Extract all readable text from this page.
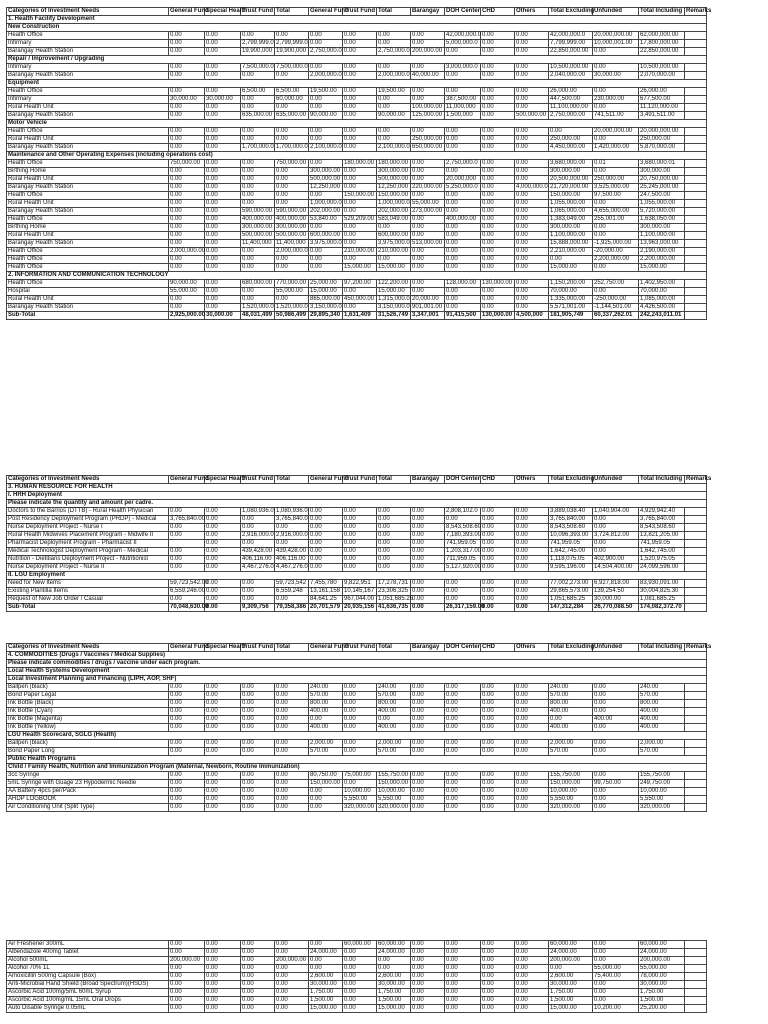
Categories of Investment Needs	General Fund	Special Health	Trust Fund	Total	General Fund	Trust Fund	Total	Barangay	DOH Center	CHD	Others	Total Excluding	Unfunded	Total Including	Remarks
1. Health Facility Development															
New Construction															
Health Office	0.00	0.00	0.00	0.00	0.00	0.00	0.00	0.00	42,000,000.0	0.00	0.00	42,000,000.0	20,000,000.00	62,000,000.00	
Infirmary	0.00	0.00	2,799,999.0	2,799,999.0	0.00	0.00	0.00	0.00	5,000,000.0	0.00	0.00	7,799,999.00	10,000,001.00	17,800,000.00	
Barangay Health Station	0.00	0.00	19,900,000	19,900,000	2,750,000.0	0.00	2,750,000.0	200,000.00	0.00	0.00	0.00	22,850,000.00	0.00	22,850,000.00	
Repair / Improvement / Upgrading															
Infirmary	0.00	0.00	7,500,000.0	7,500,000.0	0.00	0.00	0.00	0.00	3,000,000.0	0.00	0.00	10,500,000.00	0.00	10,500,000.00	
Barangay Health Station	0.00	0.00	0.00	0.00	2,000,000.0	0.00	2,000,000.0	40,000.00	0.00	0.00	0.00	2,040,000.00	30,000.00	2,070,000.00	
Equipment															
Health Office	0.00	0.00	6,500.00	6,500.00	19,500.00	0.00	19,500.00	0.00	0.00	0.00	0.00	26,000.00	0.00	26,000.00	
Infirmary	30,000.00	30,000.00	0.00	60,000.00	0.00	0.00	0.00	0.00	387,500.00	0.00	0.00	447,500.00	230,000.00	677,500.00	
Rural Health Unit	0.00	0.00	0.00	0.00	0.00	0.00	0.00	100,000.00	11,000,000	0.00	0.00	11,100,000.00	0.00	11,120,000.00	
Barangay Health Station	0.00	0.00	635,000.00	635,000.00	90,000.00	0.00	90,000.00	125,000.00	1,500,000	0.00	500,000.00	2,750,000.00	741,511.00	3,491,511.00	
Motor Vehicle															
Health Office	0.00	0.00	0.00	0.00	0.00	0.00	0.00	0.00	0.00	0.00	0.00	0.00	20,000,000.00	20,000,000.00	
Rural Health Unit	0.00	0.00	0.00	0.00	0.00	0.00	0.00	250,000.00	0.00	0.00	0.00	250,000.00	0.00	250,000.00	
Barangay Health Station	0.00	0.00	1,700,000.0	1,700,000.0	2,100,000.0	0.00	2,100,000.0	650,000.00	0.00	0.00	0.00	4,450,000.00	1,420,000.00	5,870,000.00	
Maintenance and Other Operating Expenses (including operations cost)															
Health Office	750,000.00	0.00	0.00	750,000.00	0.00	180,000.00	180,000.00	0.00	2,750,000.0	0.00	0.00	3,680,000.00	0.01	3,680,000.01	
Birthing Home	0.00	0.00	0.00	0.00	300,000.00	0.00	300,000.00	0.00	0.00	0.00	0.00	300,000.00	0.00	300,000.00	
Rural Health Unit	0.00	0.00	0.00	0.00	500,000.00	0.00	500,000.00	0.00	20,000,000	0.00	0.00	20,500,000.00	250,000.00	20,750,000.00	
Barangay Health Station	0.00	0.00	0.00	0.00	12,250,000	0.00	12,250,000	220,000.00	5,250,000.0	0.00	4,000,000.0	21,720,000.00	3,525,000.00	25,245,000.00	
Health Office	0.00	0.00	0.00	0.00	0.00	150,000.00	150,000.00	0.00	0.00	0.00	0.00	150,000.00	97,500.00	247,500.00	
Rural Health Unit	0.00	0.00	0.00	0.00	1,000,000.0	0.00	1,000,000.0	55,000.00	0.00	0.00	0.00	1,055,000.00	0.00	1,055,000.00	
Barangay Health Station	0.00	0.00	590,000.00	590,000.00	202,000.00	0.00	202,000.00	273,000.00	0.00	0.00	0.00	1,065,000.00	4,655,000.00	5,720,000.00	
Health Office	0.00	0.00	400,000.00	400,000.00	53,840.00	529,209.00	583,049.00	0.00	400,000.00	0.00	0.00	1,383,049.00	255,001.00	1,638,050.00	
Birthing Home	0.00	0.00	300,000.00	300,000.00	0.00	0.00	0.00	0.00	0.00	0.00	0.00	300,000.00	0.00	300,000.00	
Rural Health Unit	0.00	0.00	500,000.00	500,000.00	600,000.00	0.00	600,000.00	0.00	0.00	0.00	0.00	1,100,000.00	0.00	1,100,000.00	
Barangay Health Station	0.00	0.00	11,400,000	11,400,000	3,975,000.0	0.00	3,975,000.0	513,000.00	0.00	0.00	0.00	15,888,000.00	-1,925,000.00	13,963,000.00	
Health Office	2,000,000.00	0.00	0.00	2,000,000.0	0.00	210,000.00	210,000.00	0.00	0.00	0.00	0.00	2,210,000.00	-20,000.00	2,190,000.00	
Health Office	0.00	0.00	0.00	0.00	0.00	0.00	0.00	0.00	0.00	0.00	0.00	0.00	2,200,000.00	2,200,000.00	
Health Office	0.00	0.00	0.00	0.00	0.00	15,000.00	15,000.00	0.00	0.00	0.00	0.00	15,000.00	0.00	15,000.00	
2. INFORMATION AND COMMUNICATION TECHNOLOGY															
Health Office	90,000.00	0.00	680,000.00	770,000.00	25,000.00	97,200.00	122,200.00	0.00	128,000.00	130,000.00	0.00	1,150,200.00	252,750.00	1,402,950.00	
Hospital	55,000.00	0.00	0.00	55,000.00	15,000.00	0.00	15,000.00	0.00	0.00	0.00	0.00	70,000.00	0.00	70,000.00	
Rural Health Unit	0.00	0.00	0.00	0.00	865,000.00	450,000.00	1,315,000.0	20,000.00	0.00	0.00	0.00	1,335,000.00	-250,000.00	1,085,000.00	
Barangay Health Station	0.00	0.00	1,520,000.0	1,520,000.0	3,150,000.0	0.00	3,150,000.0	901,001.00	0.00	0.00	0.00	5,571,001.00	-1,144,501.00	4,426,500.00	
Sub-Total	2,925,000.00	30,000.00	48,031,499	50,986,499	29,895,340	1,631,409	31,526,749	3,347,001	91,415,500	130,000.00	4,500,000	181,905,749	60,337,262.01	242,243,011.01	
Categories of Investment Needs	General Fund	Special Health	Trust Fund	Total	General Fund	Trust Fund	Total	Barangay	DOH Center	CHD	Others	Total Excluding	Unfunded	Total Including	Remarks
3. HUMAN RESOURCE FOR HEALTH															
I. HRH Deployment															
Please indicate the quantity and amount per cadre.															
Doctors to the Barrios (DTTB) - Rural Health Physician	0.00	0.00	1,080,936.0	1,080,936.0	0.00	0.00	0.00	0.00	2,808,102.0	0.00	0.00	3,889,038.40	1,040,904.00	4,929,942.40	
Post Residency Deployment Program (PRDP) - Medical	3,765,840.00	0.00	0.00	3,765,840.0	0.00	0.00	0.00	0.00	0.00	0.00	0.00	3,765,840.00	0.00	3,765,840.00	
Nurse Deployment Project - Nurse I	0.00	0.00	0.00	0.00	0.00	0.00	0.00	0.00	8,543,508.60	0.00	0.00	8,543,508.60	0.00	8,543,508.60	
Rural Health Midwives Placement Program - Midwife II	0.00	0.00	2,916,000.0	2,916,000.0	0.00	0.00	0.00	0.00	7,180,393.00	0.00	0.00	10,096,393.00	3,724,812.00	13,821,205.00	
Pharmacist Deployment Program - Pharmacist II		0.00	0.00	0.00	0.00	0.00	0.00	0.00	741,959.05	0.00	0.00	741,959.05	0.00	741,959.05	
Medical Technologist Deployment Program - Medical	0.00	0.00	439,428.00	439,428.00	0.00	0.00	0.00	0.00	1,203,317.00	0.00	0.00	1,642,745.00	0.00	1,642,745.00	
Nutrition - Dietitians Deployment Project - Nutritionist	0.00	0.00	406,116.00	406,116.00	0.00	0.00	0.00	0.00	711,959.05	0.00	0.00	1,118,075.05	402,900.00	1,520,975.05	
Nurse Deployment Project - Nurse II	0.00	0.00	4,467,276.0	4,467,276.0	0.00	0.00	0.00	0.00	5,127,920.00	0.00	0.00	9,595,196.00	14,504,400.00	24,099,596.00	
II. LGU Employment															
Need for New Items	59,723,542.00	0.00	0.00	59,723,542	7,455,780	9,822,951	17,278,731	0.00	0.00	0.00	0.00	77,002,273.00	6,927,818.00	83,930,091.00	
Existing Plantilla Items	6,559,248.00	0.00	0.00	6,559,248	13,161,158	10,145,167	23,306,325	0.00	0.00	0.00	0.00	29,865,573.00	139,254.50	30,004,825.30	
Request of New Job Order / Casual	0.00	0.00	0.00	0.00	84,641.25	967,044.00	1,051,685.25	0.00	0.00	0.00	0.00	1,051,685.25	30,000.00	1,081,685.25	
Sub-Total	70,048,630.00	0.00	9,309,756	79,358,386	20,701,579	20,935,156	41,636,735	0.00	26,317,159.00	0.00	0.00	147,312,284	26,770,088.50	174,082,372.70	
Categories of Investment Needs	General Fund	Special Health	Trust Fund	Total	General Fund	Trust Fund	Total	Barangay	DOH Center	CHD	Others	Total Excluding	Unfunded	Total Including	Remarks
4. COMMODITIES (Drugs / Vaccines / Medical Supplies)															
Please indicate commodities / drugs / vaccine under each program.															
Local Health Systems Development															
Local Investment Planning and Financing (LIPH, AOP, SHF)															
Ballpen (black)	0.00	0.00	0.00	0.00	240.00	0.00	240.00	0.00	0.00	0.00	0.00	240.00	0.00	240.00	
Bond Paper Legal	0.00	0.00	0.00	0.00	570.00	0.00	570.00	0.00	0.00	0.00	0.00	570.00	0.00	570.00	
Ink Bottle (Black)	0.00	0.00	0.00	0.00	800.00	0.00	800.00	0.00	0.00	0.00	0.00	800.00	0.00	800.00	
Ink Bottle (Cyan)	0.00	0.00	0.00	0.00	400.00	0.00	400.00	0.00	0.00	0.00	0.00	400.00	0.00	400.00	
Ink Bottle (Magenta)	0.00	0.00	0.00	0.00	0.00	0.00	0.00	0.00	0.00	0.00	0.00	0.00	400.00	400.00	
Ink Bottle (Yellow)	0.00	0.00	0.00	0.00	400.00	0.00	400.00	0.00	0.00	0.00	0.00	400.00	0.00	400.00	
LGU Health Scorecard, SGLG (Health)															
Ballpen (black)	0.00	0.00	0.00	0.00	2,000.00	0.00	2,000.00	0.00	0.00	0.00	0.00	2,000.00	0.00	2,000.00	
Bond Paper Long	0.00	0.00	0.00	0.00	570.00	0.00	570.00	0.00	0.00	0.00	0.00	570.00	0.00	570.00	
Public Health Programs															
Child / Family Health, Nutrition and Immunization Program (Maternal, Newborn, Routine Immunization)															
3cc Syringe	0.00	0.00	0.00	0.00	80,750.00	75,000.00	155,750.00	0.00	0.00	0.00	0.00	155,750.00	0.00	155,750.00	
5mL Syringe with Guage 23 Hypodermic Needle	0.00	0.00	0.00	0.00	150,000.00	0.00	150,000.00	0.00	0.00	0.00	0.00	150,000.00	99,750.00	249,750.00	
AA Battery 4pcs per/Pack	0.00	0.00	0.00	0.00	0.00	10,000.00	10,000.00	0.00	0.00	0.00	0.00	10,000.00	0.00	10,000.00	
AHDP LOGBOOK	0.00	0.00	0.00	0.00	0.00	5,550.00	5,550.00	0.00	0.00	0.00	0.00	5,550.00	0.00	5,550.00	
Air Conditioning Unit (Split Type)	0.00	0.00	0.00	0.00	0.00	320,000.00	320,000.00	0.00	0.00	0.00	0.00	320,000.00	0.00	320,000.00	
Air Freshener 300mL	0.00	0.00	0.00	0.00	0.00	60,000.00	60,000.00	0.00	0.00	0.00	0.00	60,000.00	0.00	60,000.00	
Albendazole 400mg Tablet	0.00	0.00	0.00	0.00	24,000.00	0.00	24,000.00	0.00	0.00	0.00	0.00	24,000.00	0.00	24,000.00	
Alcohol 500mL	200,000.00	0.00	0.00	200,000.00	0.00	0.00	0.00	0.00	0.00	0.00	0.00	200,000.00	0.00	200,000.00	
Alcohol 70% 1L	0.00	0.00	0.00	0.00	0.00	0.00	0.00	0.00	0.00	0.00	0.00	0.00	55,000.00	55,000.00	
Amoxicillin 500mg Capsule (Box)	0.00	0.00	0.00	0.00	2,600.00	0.00	2,600.00	0.00	0.00	0.00	0.00	2,600.00	75,400.00	78,000.00	
Anti-Microbial Hand Shield (Broad Spectrum)(HSDS)	0.00	0.00	0.00	0.00	30,000.00	0.00	30,000.00	0.00	0.00	0.00	0.00	30,000.00	0.00	30,000.00	
Ascorbic Acid 100mg/5mL 60mL Syrup	0.00	0.00	0.00	0.00	1,750.00	0.00	1,750.00	0.00	0.00	0.00	0.00	1,750.00	0.00	1,750.00	
Ascorbic Acid 100mg/mL 15mL Oral Drops	0.00	0.00	0.00	0.00	1,500.00	0.00	1,500.00	0.00	0.00	0.00	0.00	1,500.00	0.00	1,500.00	
Auto Disable Syringe 0.05mL	0.00	0.00	0.00	0.00	15,000.00	0.00	15,000.00	0.00	0.00	0.00	0.00	15,000.00	10,200.00	25,200.00	
